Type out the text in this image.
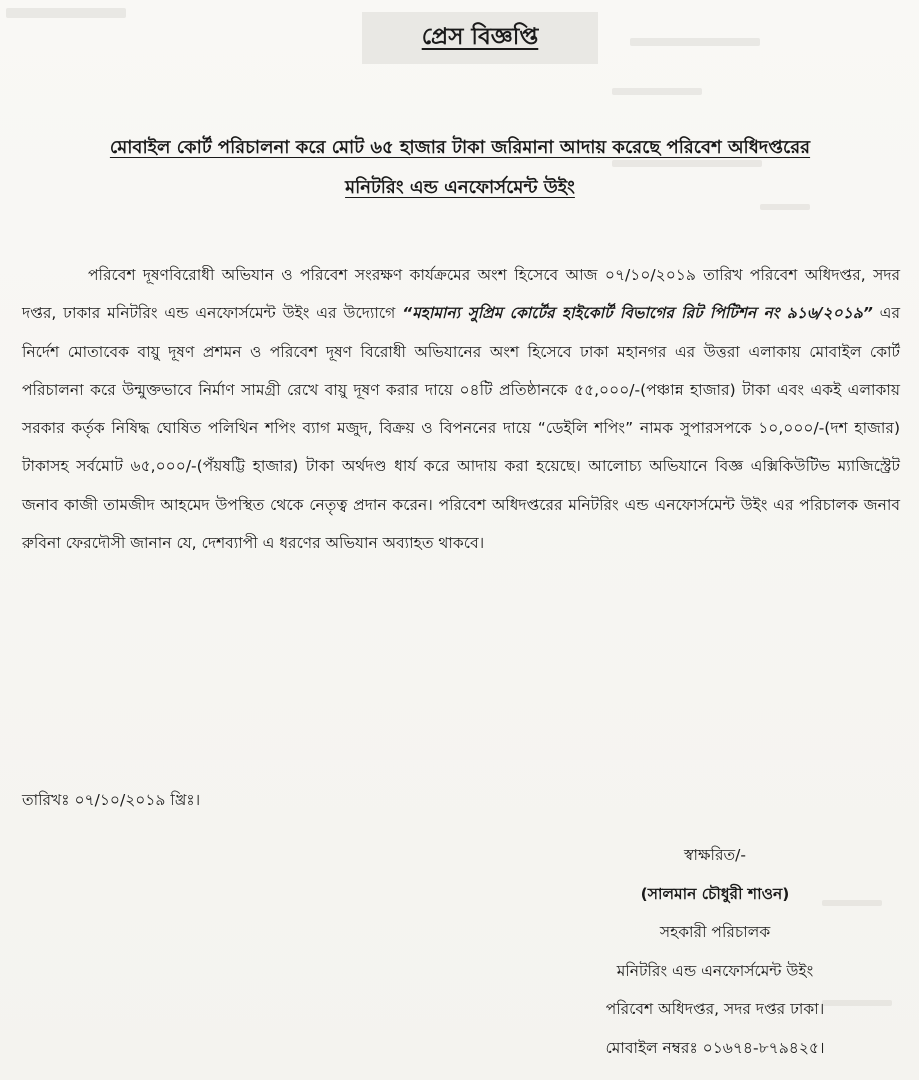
প্রেস বিজ্ঞপ্তি
মোবাইল কোর্ট পরিচালনা করে মোট ৬৫ হাজার টাকা জরিমানা আদায় করেছে পরিবেশ অধিদপ্তরের
মনিটরিং এন্ড এনফোর্সমেন্ট উইং
পরিবেশ দূষণবিরোধী অভিযান ও পরিবেশ সংরক্ষণ কার্যক্রমের অংশ হিসেবে আজ ০৭/১০/২০১৯ তারিখ পরিবেশ অধিদপ্তর, সদর দপ্তর, ঢাকার মনিটরিং এন্ড এনফোর্সমেন্ট উইং এর উদ্যোগে “মহামান্য সুপ্রিম কোর্টের হাইকোর্ট বিভাগের রিট পিটিশন নং ৯১৬/২০১৯” এর নির্দেশ মোতাবেক বায়ু দূষণ প্রশমন ও পরিবেশ দূষণ বিরোধী অভিযানের অংশ হিসেবে ঢাকা মহানগর এর উত্তরা এলাকায় মোবাইল কোর্ট পরিচালনা করে উন্মুক্তভাবে নির্মাণ সামগ্রী রেখে বায়ু দূষণ করার দায়ে ০৪টি প্রতিষ্ঠানকে ৫৫,০০০/-(পঞ্চান্ন হাজার) টাকা এবং একই এলাকায় সরকার কর্তৃক নিষিদ্ধ ঘোষিত পলিথিন শপিং ব্যাগ মজুদ, বিক্রয় ও বিপননের দায়ে “ডেইলি শপিং” নামক সুপারসপকে ১০,০০০/-(দশ হাজার) টাকাসহ সর্বমোট ৬৫,০০০/-(পঁয়ষট্টি হাজার) টাকা অর্থদণ্ড ধার্য করে আদায় করা হয়েছে। আলোচ্য অভিযানে বিজ্ঞ এক্সিকিউটিভ ম্যাজিস্ট্রেট জনাব কাজী তামজীদ আহমেদ উপস্থিত থেকে নেতৃত্ব প্রদান করেন। পরিবেশ অধিদপ্তরের মনিটরিং এন্ড এনফোর্সমেন্ট উইং এর পরিচালক জনাব রুবিনা ফেরদৌসী জানান যে, দেশব্যাপী এ ধরণের অভিযান অব্যাহত থাকবে।
তারিখঃ ০৭/১০/২০১৯ খ্রিঃ।
স্বাক্ষরিত/-
(সালমান চৌধুরী শাওন)
সহকারী পরিচালক
মনিটরিং এন্ড এনফোর্সমেন্ট উইং
পরিবেশ অধিদপ্তর, সদর দপ্তর ঢাকা।
মোবাইল নম্বরঃ ০১৬৭৪-৮৭৯৪২৫।
